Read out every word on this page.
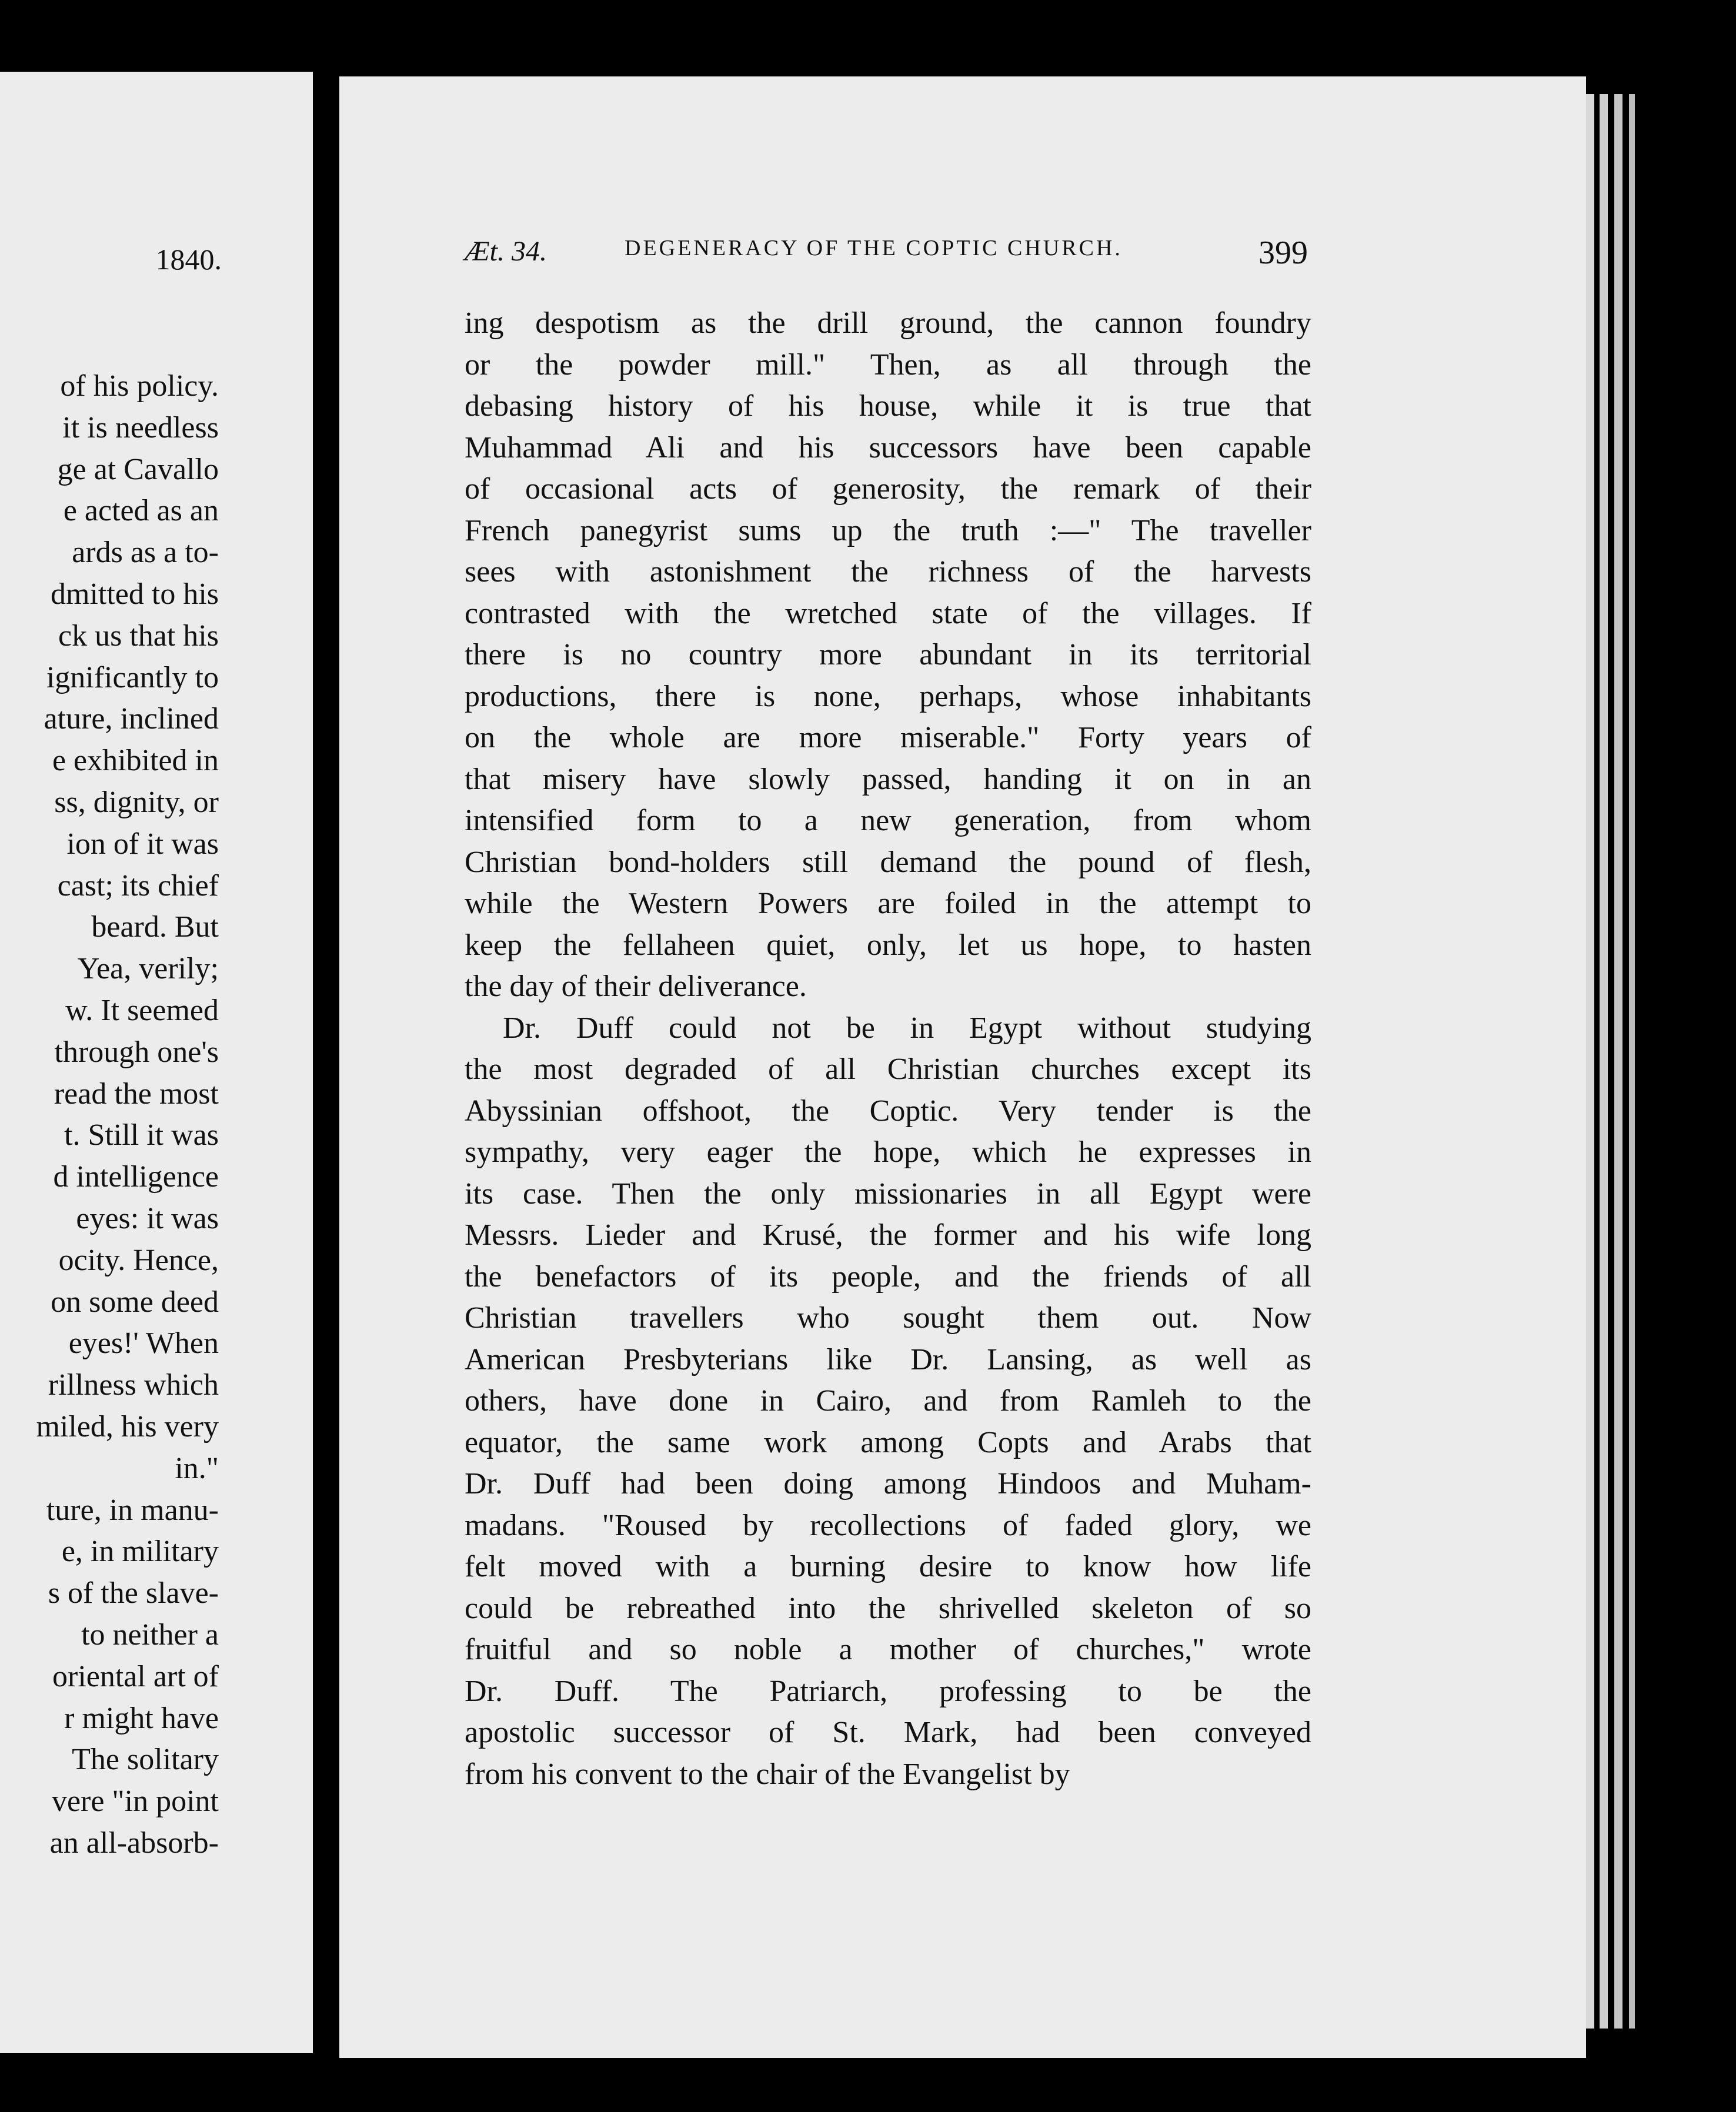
1840.
of his policy.
it is needless
ge at Cavallo
e acted as an
ards as a to-
dmitted to his
ck us that his
ignificantly to
ature, inclined
e exhibited in
ss, dignity, or
ion of it was
cast; its chief
beard. But
Yea, verily;
w. It seemed
through one's
read the most
t. Still it was
d intelligence
eyes: it was
ocity. Hence,
on some deed
eyes!' When
rillness which
miled, his very
in."
ture, in manu-
e, in military
s of the slave-
to neither a
oriental art of
r might have
The solitary
vere "in point
an all-absorb-
Æt. 34.	DEGENERACY OF THE COPTIC CHURCH.	399
ing despotism as the drill ground, the cannon foundry
or the powder mill." Then, as all through the
debasing history of his house, while it is true that
Muhammad Ali and his successors have been capable
of occasional acts of generosity, the remark of their
French panegyrist sums up the truth :—" The traveller
sees with astonishment the richness of the harvests
contrasted with the wretched state of the villages. If
there is no country more abundant in its territorial
productions, there is none, perhaps, whose inhabitants
on the whole are more miserable." Forty years of
that misery have slowly passed, handing it on in an
intensified form to a new generation, from whom
Christian bond-holders still demand the pound of flesh,
while the Western Powers are foiled in the attempt to
keep the fellaheen quiet, only, let us hope, to hasten
the day of their deliverance.
Dr. Duff could not be in Egypt without studying
the most degraded of all Christian churches except its
Abyssinian offshoot, the Coptic. Very tender is the
sympathy, very eager the hope, which he expresses in
its case. Then the only missionaries in all Egypt were
Messrs. Lieder and Krusé, the former and his wife long
the benefactors of its people, and the friends of all
Christian travellers who sought them out. Now
American Presbyterians like Dr. Lansing, as well as
others, have done in Cairo, and from Ramleh to the
equator, the same work among Copts and Arabs that
Dr. Duff had been doing among Hindoos and Muham-
madans. "Roused by recollections of faded glory, we
felt moved with a burning desire to know how life
could be rebreathed into the shrivelled skeleton of so
fruitful and so noble a mother of churches," wrote
Dr. Duff. The Patriarch, professing to be the
apostolic successor of St. Mark, had been conveyed
from his convent to the chair of the Evangelist by
